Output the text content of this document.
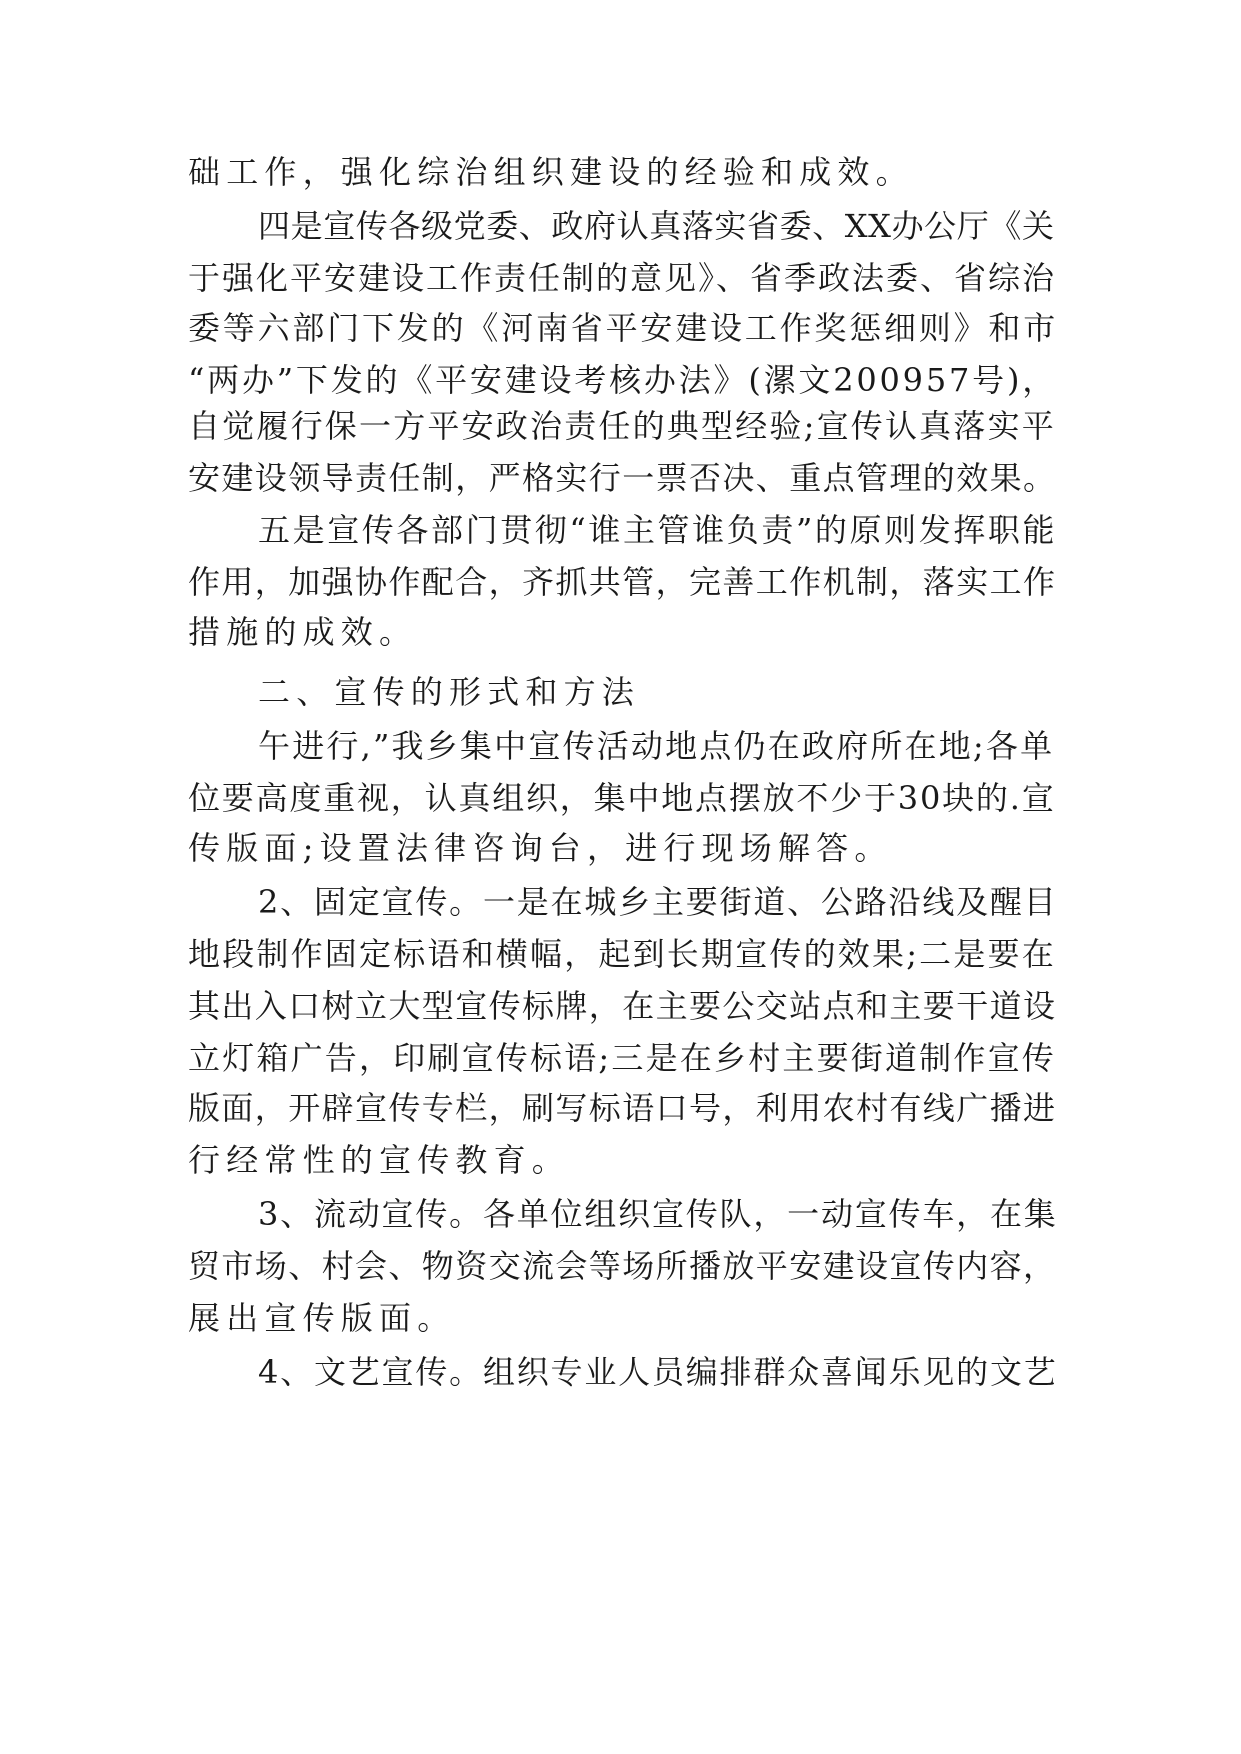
础工作，强化综治组织建设的经验和成效。
四是宣传各级党委、政府认真落实省委、XX办公厅《关
于强化平安建设工作责任制的意见》、省季政法委、省综治
委等六部门下发的《河南省平安建设工作奖惩细则》和市
“两办”下发的《平安建设考核办法》(漯文200957号)，
自觉履行保一方平安政治责任的典型经验;宣传认真落实平
安建设领导责任制，严格实行一票否决、重点管理的效果。
五是宣传各部门贯彻“谁主管谁负责”的原则发挥职能
作用，加强协作配合，齐抓共管，完善工作机制，落实工作
措施的成效。
二、宣传的形式和方法
午进行,”我乡集中宣传活动地点仍在政府所在地;各单
位要高度重视，认真组织，集中地点摆放不少于30块的.宣
传版面;设置法律咨询台，进行现场解答。
2、固定宣传。一是在城乡主要街道、公路沿线及醒目
地段制作固定标语和横幅，起到长期宣传的效果;二是要在
其出入口树立大型宣传标牌，在主要公交站点和主要干道设
立灯箱广告，印刷宣传标语;三是在乡村主要街道制作宣传
版面，开辟宣传专栏，刷写标语口号，利用农村有线广播进
行经常性的宣传教育。
3、流动宣传。各单位组织宣传队，一动宣传车，在集
贸市场、村会、物资交流会等场所播放平安建设宣传内容，
展出宣传版面。
4、文艺宣传。组织专业人员编排群众喜闻乐见的文艺
